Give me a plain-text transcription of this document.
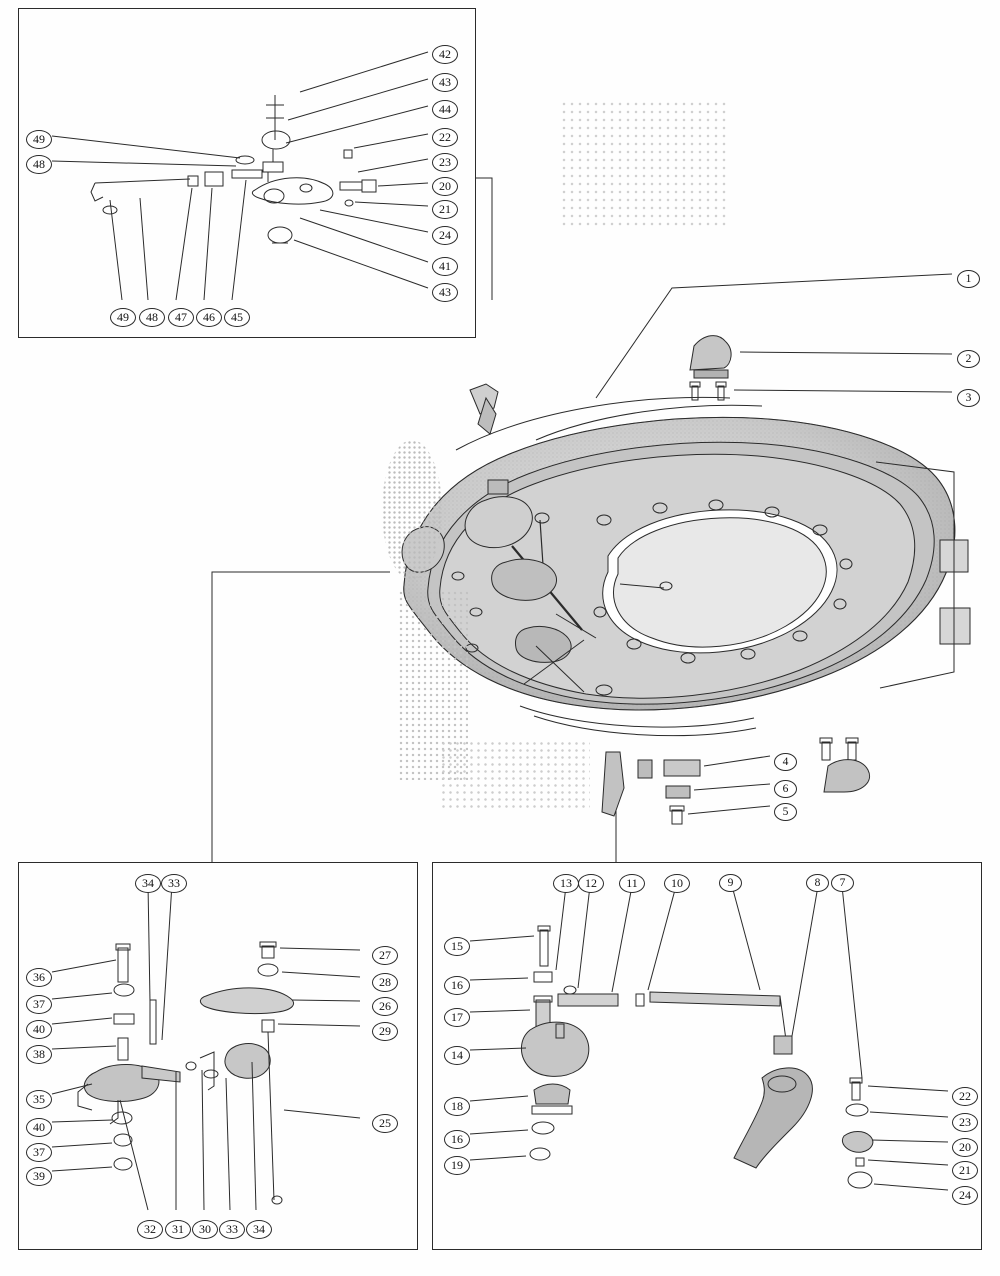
42
43
44
22
23
20
21
24
41
43
49
48
49	48	47	46	45
1
2
3
4
6
5
34	33
36
37
40
38
35
40
37
39
27
28
26
29
25
32	31	30	33	34
13	12	11	10	9	8	7
15
16
17
14
18
16
19
22
23
20
21
24
